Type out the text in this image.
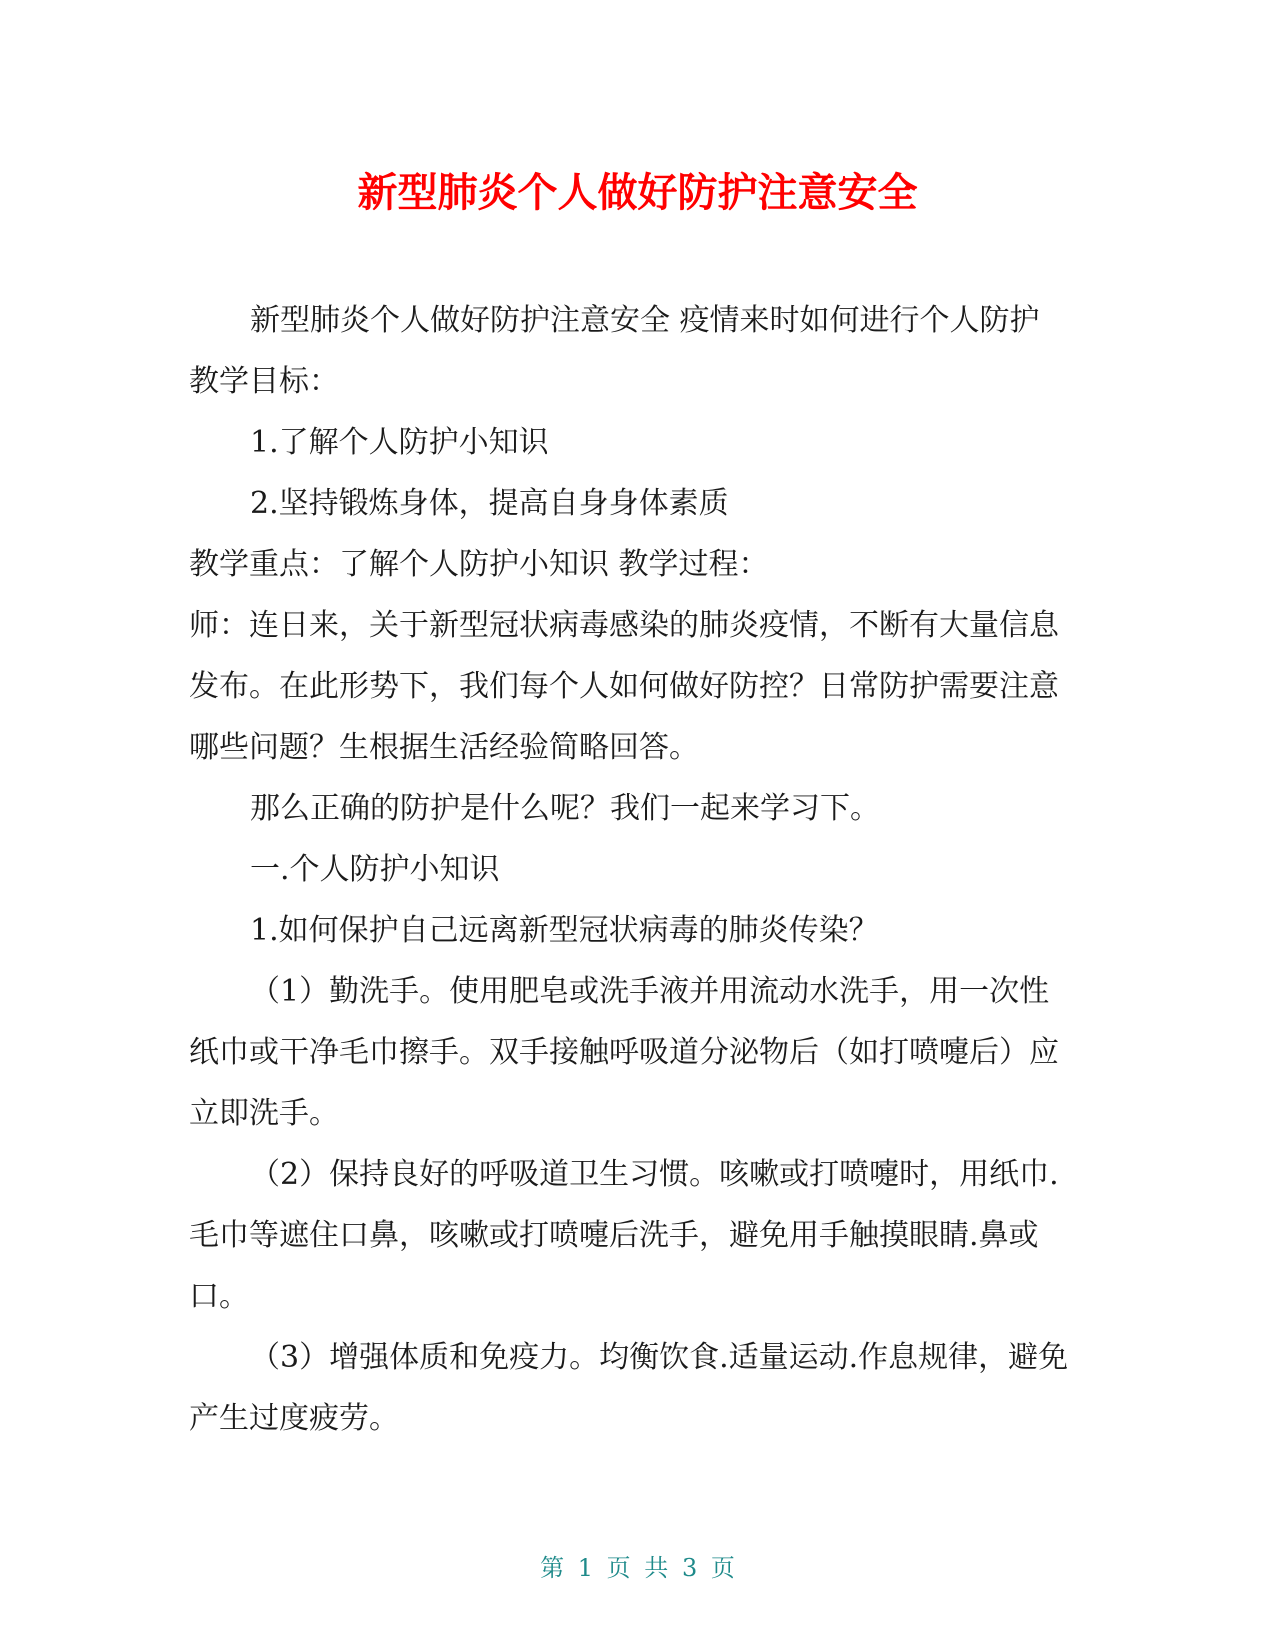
新型肺炎个人做好防护注意安全

新型肺炎个人做好防护注意安全 疫情来时如何进行个人防护

教学目标：

1.了解个人防护小知识

2.坚持锻炼身体，提高自身身体素质

教学重点：了解个人防护小知识 教学过程：

师：连日来，关于新型冠状病毒感染的肺炎疫情，不断有大量信息发布。在此形势下，我们每个人如何做好防控？日常防护需要注意哪些问题？生根据生活经验简略回答。

那么正确的防护是什么呢？我们一起来学习下。

一.个人防护小知识

1.如何保护自己远离新型冠状病毒的肺炎传染？

（1）勤洗手。使用肥皂或洗手液并用流动水洗手，用一次性纸巾或干净毛巾擦手。双手接触呼吸道分泌物后（如打喷嚏后）应立即洗手。

（2）保持良好的呼吸道卫生习惯。咳嗽或打喷嚏时，用纸巾.毛巾等遮住口鼻，咳嗽或打喷嚏后洗手，避免用手触摸眼睛.鼻或口。

（3）增强体质和免疫力。均衡饮食.适量运动.作息规律，避免产生过度疲劳。

第 1 页 共 3 页
